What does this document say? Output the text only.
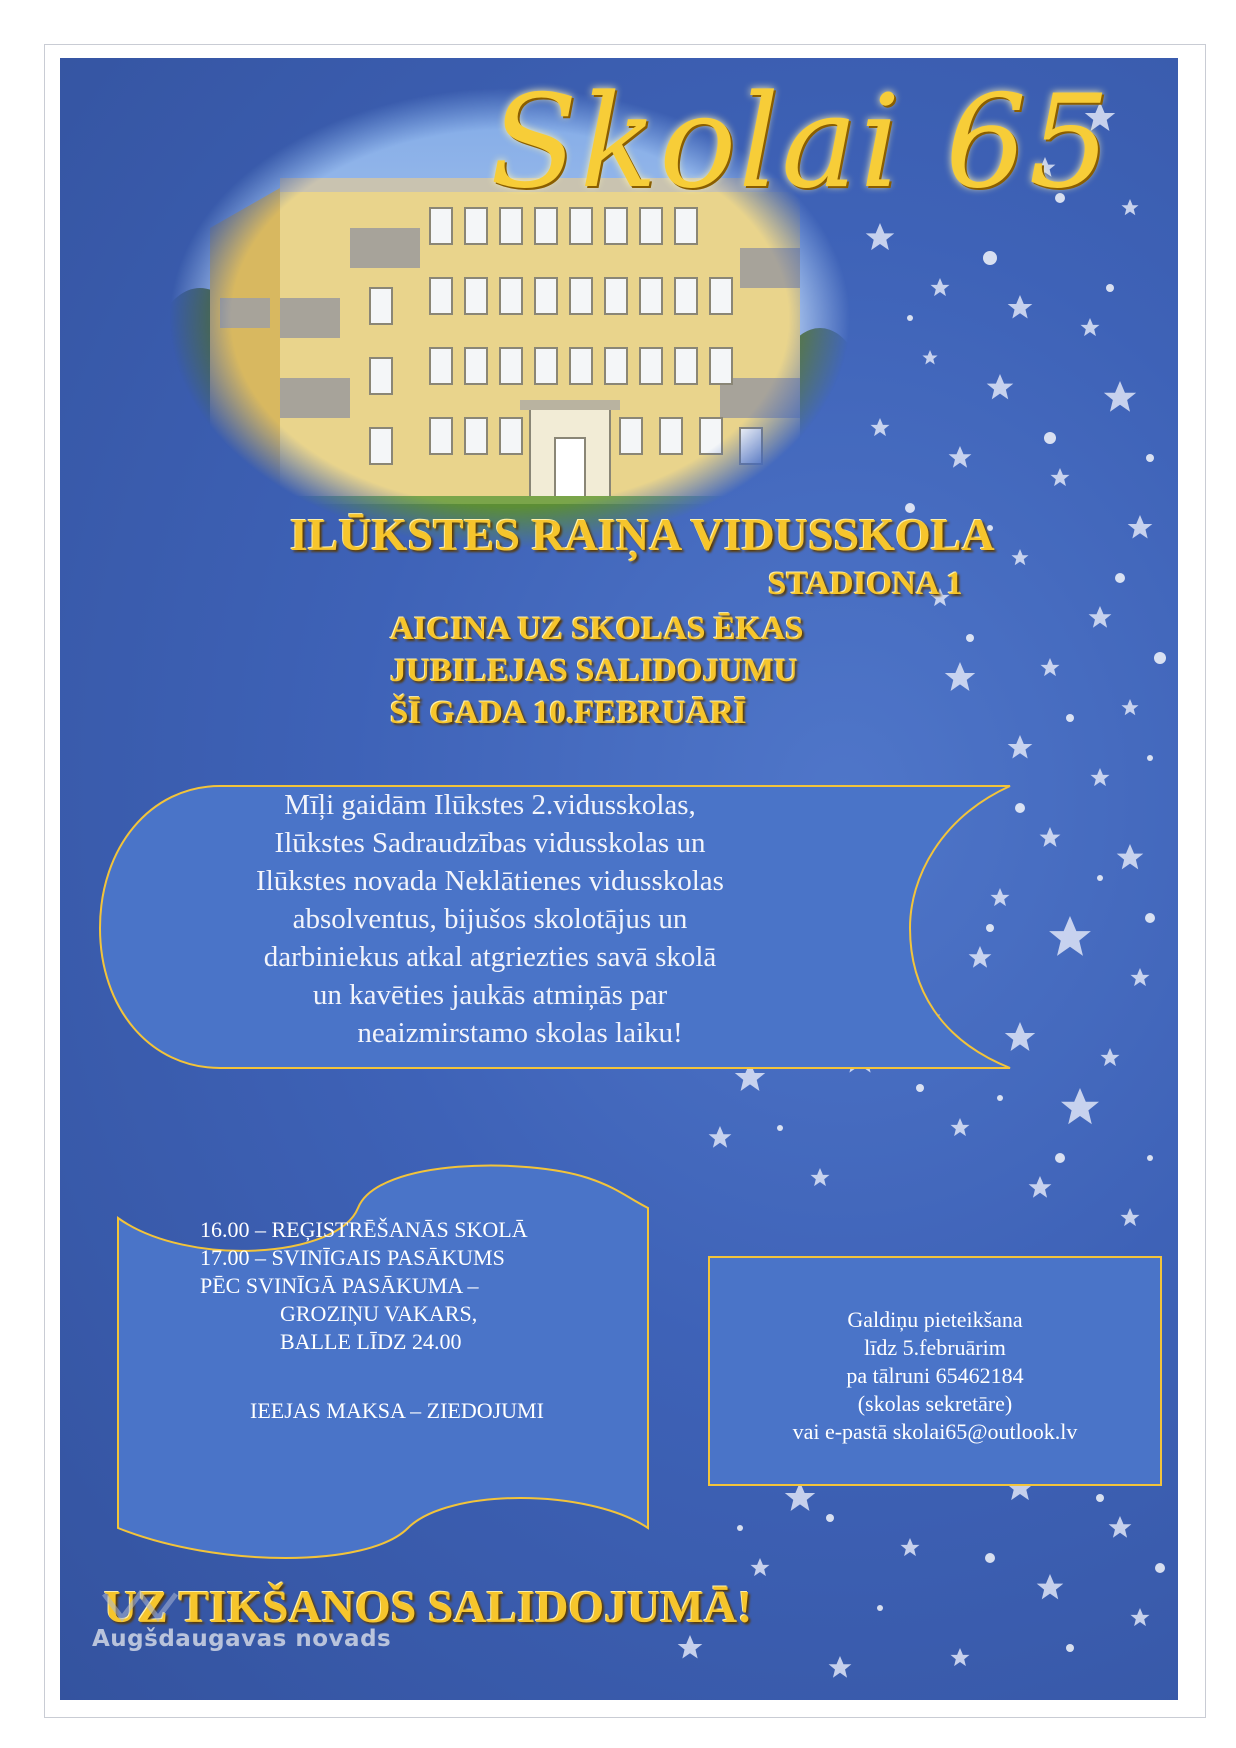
Skolai 65
ILŪKSTES RAIŅA VIDUSSKOLA
STADIONA 1
AICINA UZ SKOLAS ĒKAS
JUBILEJAS SALIDOJUMU
ŠĪ GADA 10.FEBRUĀRĪ
Mīļi gaidām Ilūkstes 2.vidusskolas,
Ilūkstes Sadraudzības vidusskolas un
Ilūkstes novada Neklātienes vidusskolas
absolventus, bijušos skolotājus un
darbiniekus atkal atgriezties savā skolā
un kavēties jaukās atmiņās par
neaizmirstamo skolas laiku!
16.00 – REĢISTRĒŠANĀS SKOLĀ
17.00 – SVINĪGAIS PASĀKUMS
PĒC SVINĪGĀ PASĀKUMA –
GROZIŅU VAKARS,
BALLE LĪDZ 24.00
IEEJAS MAKSA – ZIEDOJUMI
Galdiņu pieteikšana
līdz 5.februārim
pa tālruni 65462184
(skolas sekretāre)
vai e-pastā skolai65@outlook.lv
UZ TIKŠANOS SALIDOJUMĀ!
Augšdaugavas novads
